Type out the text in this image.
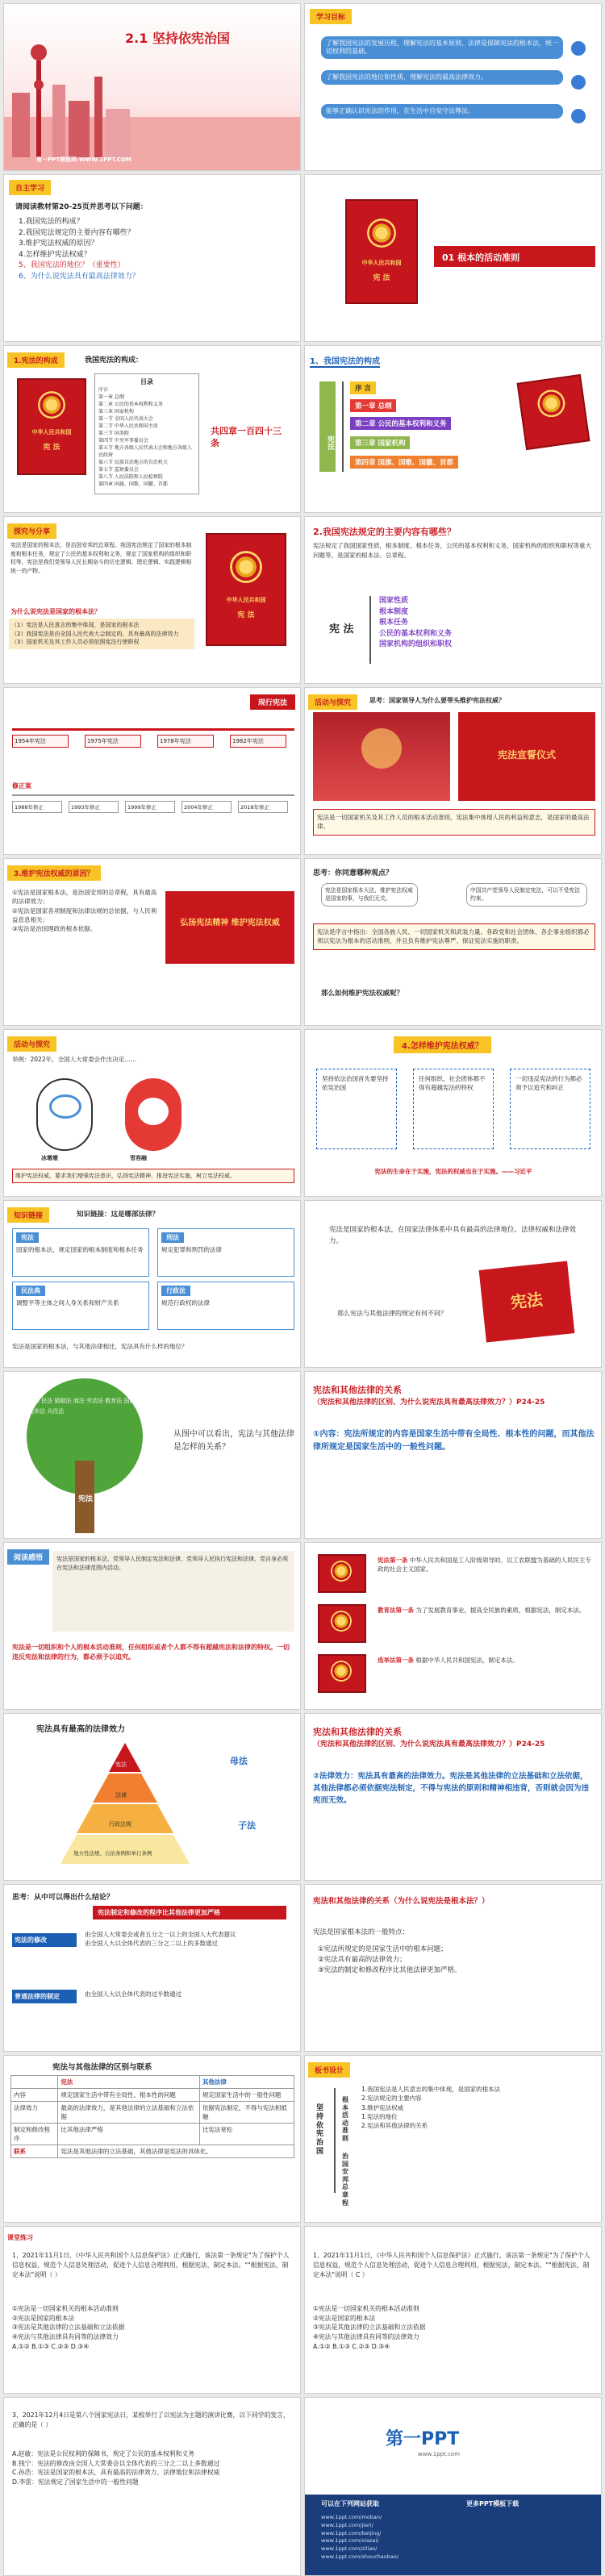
2.1 坚持依宪治国
第一PPT模板网-WWW.1PPT.COM
学习目标
了解我国宪法的发展历程，理解宪法的基本原则、法律是保障宪法的根本法，统一切权利的基础。
了解我国宪法的地位和性质，理解宪法的最高法律效力。
能够正确认识宪法的作用，在生活中自觉守法尊法。
自主学习
请阅读教材第20-25页并思考以下问题：
1.我国宪法的构成？
2.我国宪法规定的主要内容有哪些？
3.维护宪法权威的原因？
4.怎样维护宪法权威？
5、我国宪法的地位？（重要性）
6、为什么说宪法具有最高法律效力？
中华人民共和国
宪 法
01 根本的活动准则
1.宪法的构成	我国宪法的构成：
中华人民共和国
宪 法
目录
序言
第一章 总纲
第二章 公民的基本权利和义务
第三章 国家机构
第一节 全国人民代表大会
第二节 中华人民共和国主席
第三节 国务院
第四节 中央军事委员会
第五节 地方各级人民代表大会和地方各级人民政府
第六节 民族自治地方的自治机关
第七节 监察委员会
第八节 人民法院和人民检察院
第四章 国旗、国歌、国徽、首都
共四章一百四十三条
1、我国宪法的构成
宪法
序 言
第一章 总纲
第二章 公民的基本权利和义务
第三章 国家机构
第四章 国旗、国歌、国徽、首都
探究与分享
宪法是国家的根本法，是治国安邦的总章程。我国宪法规定了国家的根本制度和根本任务，规定了公民的基本权利和义务，规定了国家机构的组织和职权等。宪法是我们党领导人民长期奋斗的历史逻辑、理论逻辑、实践逻辑相统一的产物。
为什么说宪法是国家的根本法？
（1）宪法是人民意志的集中体现，是国家的根本法
（2）我国宪法是由全国人民代表大会制定的，具有最高的法律效力
（3）国家机关及其工作人员必须依照宪法行使职权
中华人民共和国
宪 法
2.我国宪法规定的主要内容有哪些？
宪法规定了我国国家性质，根本制度、根本任务，公民的基本权利和义务，国家机构的组织和职权等重大问题等，是国家的根本法、总章程。
宪 法
国家性质
根本制度
根本任务
公民的基本权利和义务
国家机构的组织和职权
现行宪法
1954年宪法	1975年宪法	1978年宪法	1982年宪法
修正案
1988年修正	1993年修正	1999年修正	2004年修正	2018年修正
活动与探究	思考：国家领导人为什么要带头维护宪法权威？
宪法宣誓仪式
宪法是一切国家机关及其工作人员的根本活动准则，宪法集中体现人民的利益和意志，是国家的最高法律。
3.维护宪法权威的原因？
①宪法是国家根本法，是治国安邦的总章程，具有最高的法律效力；
②宪法是国家各项制度和法律法规的总依据，与人民利益息息相关；
③宪法是治国理政的根本依据。
弘扬宪法精神 维护宪法权威
思考：你同意哪种观点？
宪法是国家根本大法，维护宪法权威是国家的事，与我们无关。
中国共产党领导人民制定宪法，可以不受宪法约束。
宪法是序言中指出：全国各族人民、一切国家机关和武装力量、各政党和社会团体、各企事业组织都必须以宪法为根本的活动准则，并且负有维护宪法尊严、保证宪法实施的职责。
那么如何维护宪法权威呢？
活动与探究
举例：2022年，全国人大常委会作出决定……
冰墩墩	雪容融
维护宪法权威，要求我们增强宪法意识，弘扬宪法精神，推进宪法实施，树立宪法权威。
4.怎样维护宪法权威？
坚持依法治国首先要坚持依宪治国
任何组织、社会团体都不得有超越宪法的特权
一切违反宪法的行为都必须予以追究和纠正
宪法的生命在于实施，宪法的权威也在于实施。——习近平
知识链接	知识链接：这是哪部法律？
宪法
国家的根本法，规定国家的根本制度和根本任务
刑法
规定犯罪和刑罚的法律
民法典
调整平等主体之间人身关系和财产关系
行政法
规范行政权的法律
宪法是国家的根本法，与其他法律相比，宪法具有什么样的地位？
宪法是国家的根本法，在国家法律体系中具有最高的法律地位、法律权威和法律效力。
宪法
那么宪法与其他法律的规定有何不同？
宪法
刑法 民法 婚姻法 商法 劳动法 教育法 国籍法 选举法 兵役法
从图中可以看出，宪法与其他法律是怎样的关系？
宪法和其他法律的关系
（宪法和其他法律的区别、为什么说宪法具有最高法律效力？）P24-25
①内容：宪法所规定的内容是国家生活中带有全局性、根本性的问题，而其他法律所规定是国家生活中的一般性问题。
阅读感悟	宪法是国家的根本法，党领导人民制定宪法和法律，党领导人民执行宪法和法律，党自身必须在宪法和法律范围内活动。
宪法是一切组织和个人的根本活动准则，任何组织或者个人都不得有超越宪法和法律的特权。一切违反宪法和法律的行为，都必须予以追究。
宪法第一条 中华人民共和国是工人阶级领导的、以工农联盟为基础的人民民主专政的社会主义国家。
教育法第一条 为了发展教育事业，提高全民族的素质，根据宪法，制定本法。
选举法第一条 根据中华人民共和国宪法，制定本法。
宪法具有最高的法律效力
宪法
法律
行政法规
地方性法规、自治条例和单行条例
母法
子法
宪法和其他法律的关系
（宪法和其他法律的区别、为什么说宪法具有最高法律效力？）P24-25
②法律效力：宪法具有最高的法律效力。宪法是其他法律的立法基础和立法依据，其他法律都必须依据宪法制定，不得与宪法的原则和精神相违背，否则就会因为违宪而无效。
思考：从中可以得出什么结论？
宪法制定和修改的程序比其他法律更加严格
宪法的修改
普通法律的制定
由全国人大常委会或者五分之一以上的全国人大代表提议
由全国人大以全体代表的三分之二以上的多数通过
由全国人大以全体代表的过半数通过
宪法和其他法律的关系（为什么说宪法是根本法？）
宪法是国家根本法的一般特点：
①宪法所规定的是国家生活中的根本问题；
②宪法具有最高的法律效力；
③宪法的制定和修改程序比其他法律更加严格。
宪法与其他法律的区别与联系
	宪法	其他法律
内容	规定国家生活中带有全局性、根本性的问题	规定国家生活中的一般性问题
法律效力	最高的法律效力，是其他法律的立法基础和立法依据	依据宪法制定，不得与宪法相抵触
制定和修改程序	比其他法律严格	比宪法宽松
联系	宪法是其他法律的立法基础，其他法律是宪法的具体化。	
板书设计
坚持依宪治国
根本活动准则
治国安邦总章程
1.我国宪法是人民意志的集中体现，是国家的根本法
2.宪法规定的主要内容
3.维护宪法权威
1.宪法的地位
2.宪法和其他法律的关系
课堂练习
1、2021年11月1日，《中华人民共和国个人信息保护法》正式施行，该法第一条规定"为了保护个人信息权益，规范个人信息处理活动，促进个人信息合理利用，根据宪法，制定本法。""根据宪法，制定本法"说明（ ）
①宪法是一切国家机关的根本活动准则
②宪法是国家的根本法
③宪法是其他法律的立法基础和立法依据
④宪法与其他法律具有同等的法律效力
A.①② B.①③ C.②③ D.③④
1、2021年11月1日，《中华人民共和国个人信息保护法》正式施行，该法第一条规定"为了保护个人信息权益，规范个人信息处理活动，促进个人信息合理利用，根据宪法，制定本法。""根据宪法，制定本法"说明（ C ）
①宪法是一切国家机关的根本活动准则
②宪法是国家的根本法
③宪法是其他法律的立法基础和立法依据
④宪法与其他法律具有同等的法律效力
A.①② B.①③ C.②③ D.③④
3、2021年12月4日是第八个国家宪法日，某校举行了以宪法为主题的演讲比赛，以下同学的发言，正确的是（ ）
A.赵敏：宪法是公民权利的保障书，规定了公民的基本权利和义务
B.钱宁：宪法的修改由全国人大常委会以全体代表的三分之二以上多数通过
C.孙浩：宪法是国家的根本法，具有最高的法律效力、法律地位和法律权威
D.李雷：宪法规定了国家生活中的一般性问题
第一PPT
www.1ppt.com
可以在下列网站获取	更多PPT模板下载
www.1ppt.com/moban/
www.1ppt.com/jieri/
www.1ppt.com/beijing/
www.1ppt.com/xiazai/
www.1ppt.com/ziliao/
www.1ppt.com/shouchaobao/
